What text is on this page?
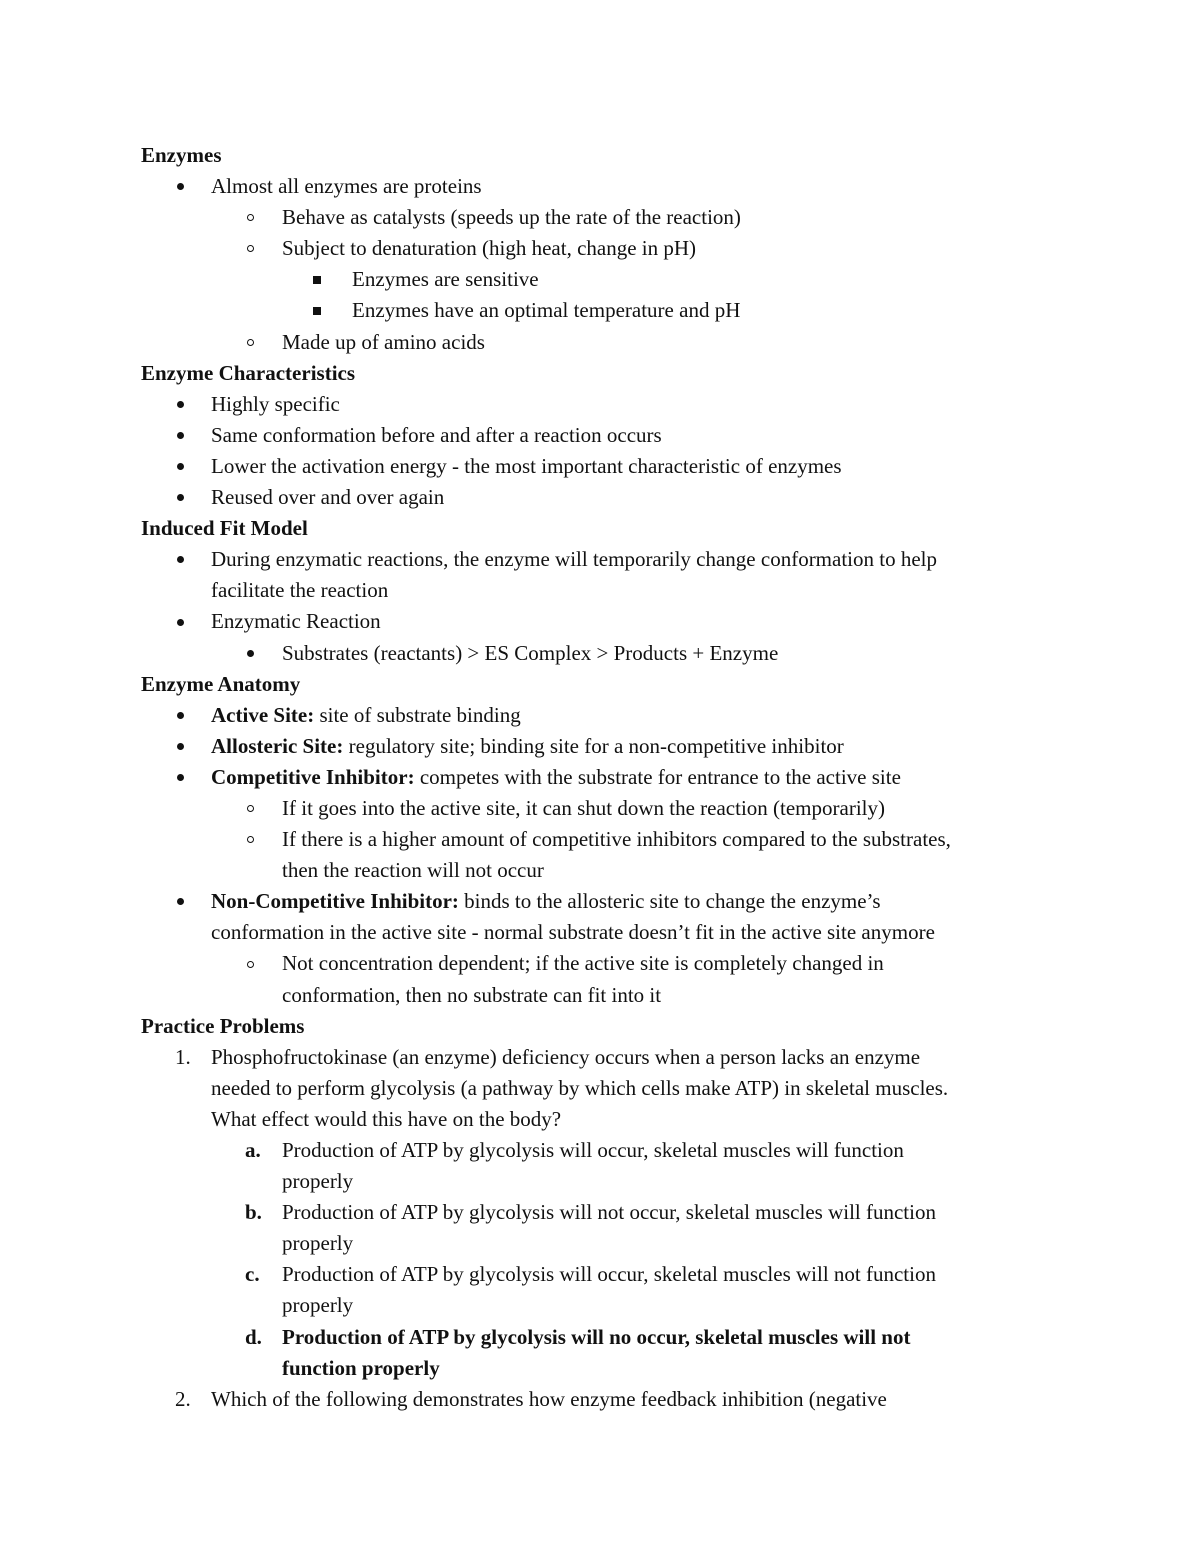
Enzymes
Almost all enzymes are proteins
Behave as catalysts (speeds up the rate of the reaction)
Subject to denaturation (high heat, change in pH)
Enzymes are sensitive
Enzymes have an optimal temperature and pH
Made up of amino acids
Enzyme Characteristics
Highly specific
Same conformation before and after a reaction occurs
Lower the activation energy - the most important characteristic of enzymes
Reused over and over again
Induced Fit Model
During enzymatic reactions, the enzyme will temporarily change conformation to help
facilitate the reaction
Enzymatic Reaction
Substrates (reactants) > ES Complex > Products + Enzyme
Enzyme Anatomy
Active Site: site of substrate binding
Allosteric Site: regulatory site; binding site for a non-competitive inhibitor
Competitive Inhibitor: competes with the substrate for entrance to the active site
If it goes into the active site, it can shut down the reaction (temporarily)
If there is a higher amount of competitive inhibitors compared to the substrates,
then the reaction will not occur
Non-Competitive Inhibitor: binds to the allosteric site to change the enzyme’s
conformation in the active site - normal substrate doesn’t fit in the active site anymore
Not concentration dependent; if the active site is completely changed in
conformation, then no substrate can fit into it
Practice Problems
1. Phosphofructokinase (an enzyme) deficiency occurs when a person lacks an enzyme
needed to perform glycolysis (a pathway by which cells make ATP) in skeletal muscles.
What effect would this have on the body?
a. Production of ATP by glycolysis will occur, skeletal muscles will function
properly
b. Production of ATP by glycolysis will not occur, skeletal muscles will function
properly
c. Production of ATP by glycolysis will occur, skeletal muscles will not function
properly
d. Production of ATP by glycolysis will no occur, skeletal muscles will not
function properly
2. Which of the following demonstrates how enzyme feedback inhibition (negative
